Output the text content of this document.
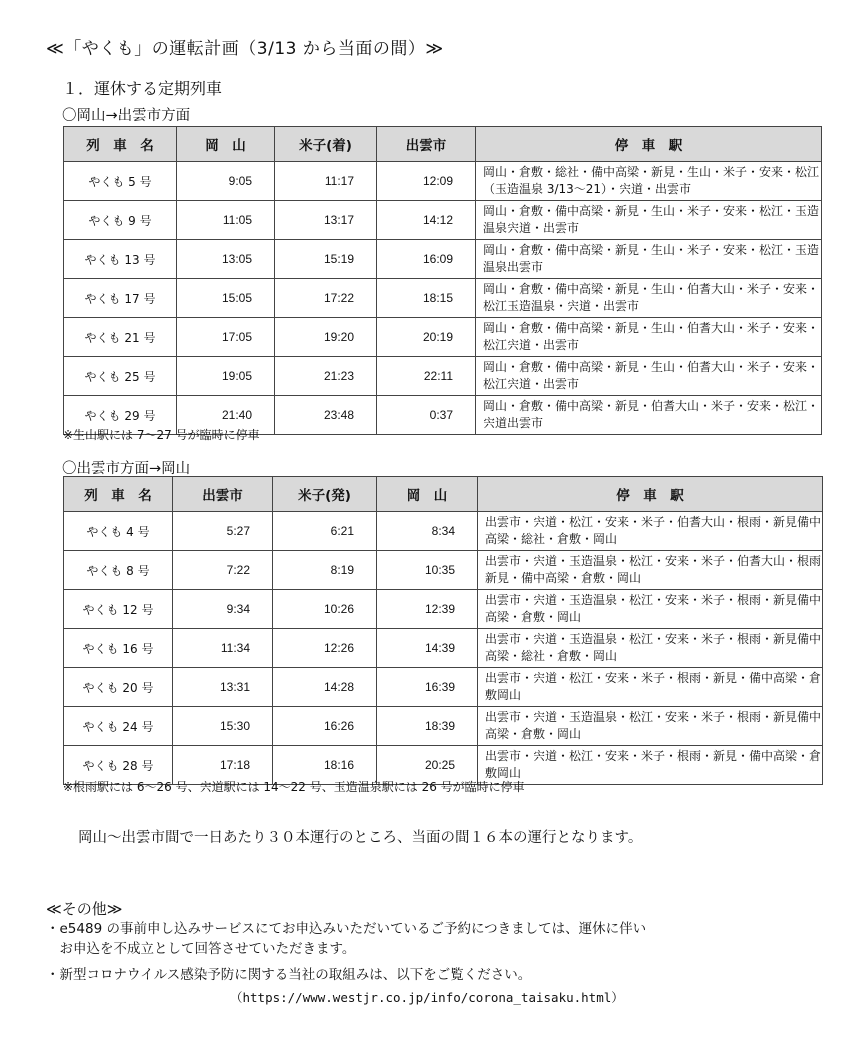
≪「やくも」の運転計画（3/13 から当面の間）≫
１．運休する定期列車
〇岡山→出雲市方面
列　車　名	岡　山	米子(着)	出雲市	停　車　駅
やくも 5 号	9:05	11:17	12:09	岡山・倉敷・総社・備中高梁・新見・生山・米子・安来・松江（玉造温泉 3/13〜21）・宍道・出雲市
やくも 9 号	11:05	13:17	14:12	岡山・倉敷・備中高梁・新見・生山・米子・安来・松江・玉造温泉宍道・出雲市
やくも 13 号	13:05	15:19	16:09	岡山・倉敷・備中高梁・新見・生山・米子・安来・松江・玉造温泉出雲市
やくも 17 号	15:05	17:22	18:15	岡山・倉敷・備中高梁・新見・生山・伯耆大山・米子・安来・松江玉造温泉・宍道・出雲市
やくも 21 号	17:05	19:20	20:19	岡山・倉敷・備中高梁・新見・生山・伯耆大山・米子・安来・松江宍道・出雲市
やくも 25 号	19:05	21:23	22:11	岡山・倉敷・備中高梁・新見・生山・伯耆大山・米子・安来・松江宍道・出雲市
やくも 29 号	21:40	23:48	0:37	岡山・倉敷・備中高梁・新見・伯耆大山・米子・安来・松江・宍道出雲市
※生山駅には 7〜27 号が臨時に停車
〇出雲市方面→岡山
列　車　名	出雲市	米子(発)	岡　山	停　車　駅
やくも 4 号	5:27	6:21	8:34	出雲市・宍道・松江・安来・米子・伯耆大山・根雨・新見備中高梁・総社・倉敷・岡山
やくも 8 号	7:22	8:19	10:35	出雲市・宍道・玉造温泉・松江・安来・米子・伯耆大山・根雨新見・備中高梁・倉敷・岡山
やくも 12 号	9:34	10:26	12:39	出雲市・宍道・玉造温泉・松江・安来・米子・根雨・新見備中高梁・倉敷・岡山
やくも 16 号	11:34	12:26	14:39	出雲市・宍道・玉造温泉・松江・安来・米子・根雨・新見備中高梁・総社・倉敷・岡山
やくも 20 号	13:31	14:28	16:39	出雲市・宍道・松江・安来・米子・根雨・新見・備中高梁・倉敷岡山
やくも 24 号	15:30	16:26	18:39	出雲市・宍道・玉造温泉・松江・安来・米子・根雨・新見備中高梁・倉敷・岡山
やくも 28 号	17:18	18:16	20:25	出雲市・宍道・松江・安来・米子・根雨・新見・備中高梁・倉敷岡山
※根雨駅には 6〜26 号、宍道駅には 14〜22 号、玉造温泉駅には 26 号が臨時に停車
岡山〜出雲市間で一日あたり３０本運行のところ、当面の間１６本の運行となります。
≪その他≫
・e5489 の事前申し込みサービスにてお申込みいただいているご予約につきましては、運休に伴い
　お申込を不成立として回答させていただきます。
・新型コロナウイルス感染予防に関する当社の取組みは、以下をご覧ください。
（https://www.westjr.co.jp/info/corona_taisaku.html）
